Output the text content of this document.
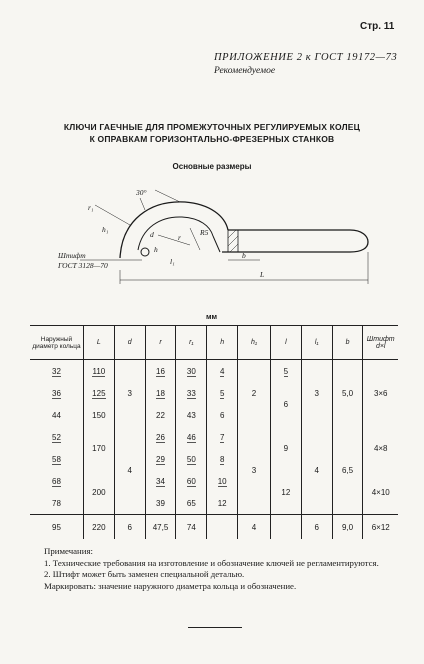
Стр. 11
ПРИЛОЖЕНИЕ 2 к ГОСТ 19172—73
Рекомендуемое
КЛЮЧИ ГАЕЧНЫЕ ДЛЯ ПРОМЕЖУТОЧНЫХ РЕГУЛИРУЕМЫХ КОЛЕЦ
К ОПРАВКАМ ГОРИЗОНТАЛЬНО-ФРЕЗЕРНЫХ СТАНКОВ
Основные размеры
30°
r₁
h₁
d	r
h
R5
b
L
l₁
Штифт
ГОСТ 3128—70
мм
Наружный диаметр кольца	L	d	r	r₁	h	h₁	l	l₁	b	Штифт d×l
32	110	3	16	30	4	2	5	3	5,0	3×6
36	125		18	33	5		6			
44	150		22	43	6					
52	170	4	26	46	7	3	9	4	6,5	4×8
58			29	50	8					
68	200		34	60	10		12			4×10
78			39	65	12					
95	220	6	47,5	74		4		6	9,0	6×12

Примечания:

1. Технические требования на изготовление и обозначение ключей не регламентируются.

2. Штифт может быть заменен специальной деталью.

Маркировать: значение наружного диаметра кольца и обозначение.
